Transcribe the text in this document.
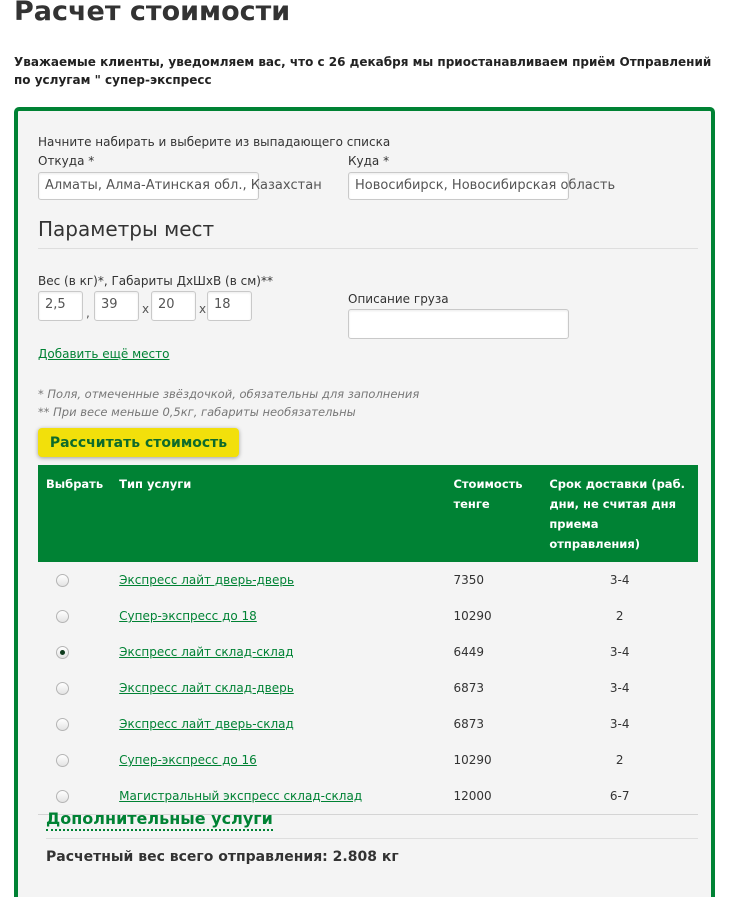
Расчет стоимости
Уважаемые клиенты, уведомляем вас, что с 26 декабря мы приостанавливаем приём Отправлений по услугам " супер-экспресс
Начните набирать и выберите из выпадающего списка
Откуда *
Алматы, Алма-Атинская обл., Казахстан
Куда *
Новосибирск, Новосибирская область
Параметры мест
Вес (в кг)*, Габариты ДхШхВ (в см)**
2,5
,
39	x 20	x 18	Описание груза
Добавить ещё место
* Поля, отмеченные звёздочкой, обязательны для заполнения
** При весе меньше 0,5кг, габариты необязательны
Рассчитать стоимость
Выбрать	Тип услуги	Стоимость тенге	Срок доставки (раб. дни, не считая дня приема отправления)
	Экспресс лайт дверь-дверь	7350	3-4
	Супер-экспресс до 18	10290	2
	Экспресс лайт склад-склад	6449	3-4
	Экспресс лайт склад-дверь	6873	3-4
	Экспресс лайт дверь-склад	6873	3-4
	Супер-экспресс до 16	10290	2
	Магистральный экспресс склад-склад	12000	6-7
Дополнительные услуги
Расчетный вес всего отправления: 2.808 кг
